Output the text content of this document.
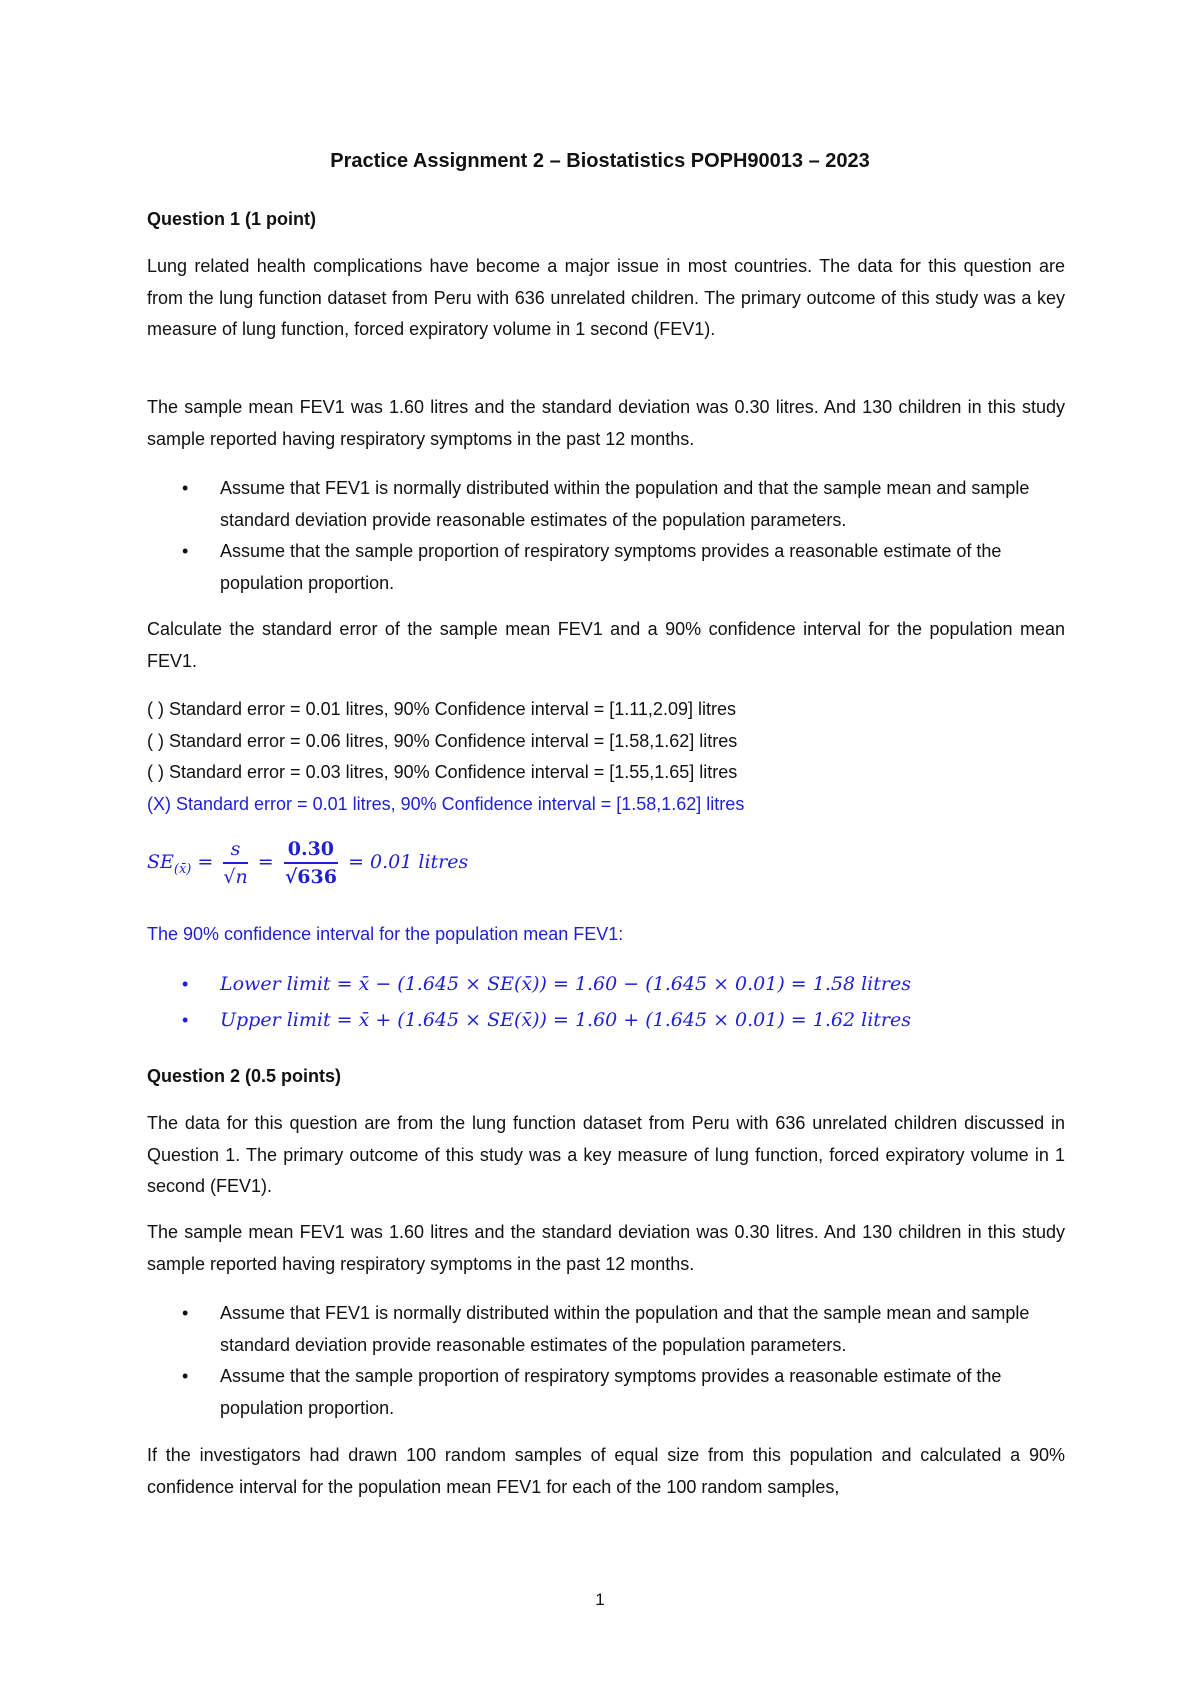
Practice Assignment 2 – Biostatistics POPH90013 – 2023

Question 1 (1 point)

Lung related health complications have become a major issue in most countries. The data for this question are from the lung function dataset from Peru with 636 unrelated children. The primary outcome of this study was a key measure of lung function, forced expiratory volume in 1 second (FEV1).

The sample mean FEV1 was 1.60 litres and the standard deviation was 0.30 litres. And 130 children in this study sample reported having respiratory symptoms in the past 12 months.

• Assume that FEV1 is normally distributed within the population and that the sample mean and sample standard deviation provide reasonable estimates of the population parameters.
• Assume that the sample proportion of respiratory symptoms provides a reasonable estimate of the population proportion.

Calculate the standard error of the sample mean FEV1 and a 90% confidence interval for the population mean FEV1.

( ) Standard error = 0.01 litres, 90% Confidence interval = [1.11,2.09] litres

( ) Standard error = 0.06 litres, 90% Confidence interval = [1.58,1.62] litres

( ) Standard error = 0.03 litres, 90% Confidence interval = [1.55,1.65] litres

(X) Standard error = 0.01 litres, 90% Confidence interval = [1.58,1.62] litres

$SE_{(x̄)} = \frac{s}{√n} = \frac{0.30}{√636} = 0.01$ litres

The 90% confidence interval for the population mean FEV1:

• Lower limit = x̄ − (1.645 × SE(x̄)) = 1.60 − (1.645 × 0.01) = 1.58 litres
• Upper limit = x̄ + (1.645 × SE(x̄)) = 1.60 + (1.645 × 0.01) = 1.62 litres

Question 2 (0.5 points)

The data for this question are from the lung function dataset from Peru with 636 unrelated children discussed in Question 1. The primary outcome of this study was a key measure of lung function, forced expiratory volume in 1 second (FEV1).

The sample mean FEV1 was 1.60 litres and the standard deviation was 0.30 litres. And 130 children in this study sample reported having respiratory symptoms in the past 12 months.

• Assume that FEV1 is normally distributed within the population and that the sample mean and sample standard deviation provide reasonable estimates of the population parameters.
• Assume that the sample proportion of respiratory symptoms provides a reasonable estimate of the population proportion.

If the investigators had drawn 100 random samples of equal size from this population and calculated a 90% confidence interval for the population mean FEV1 for each of the 100 random samples,

1
